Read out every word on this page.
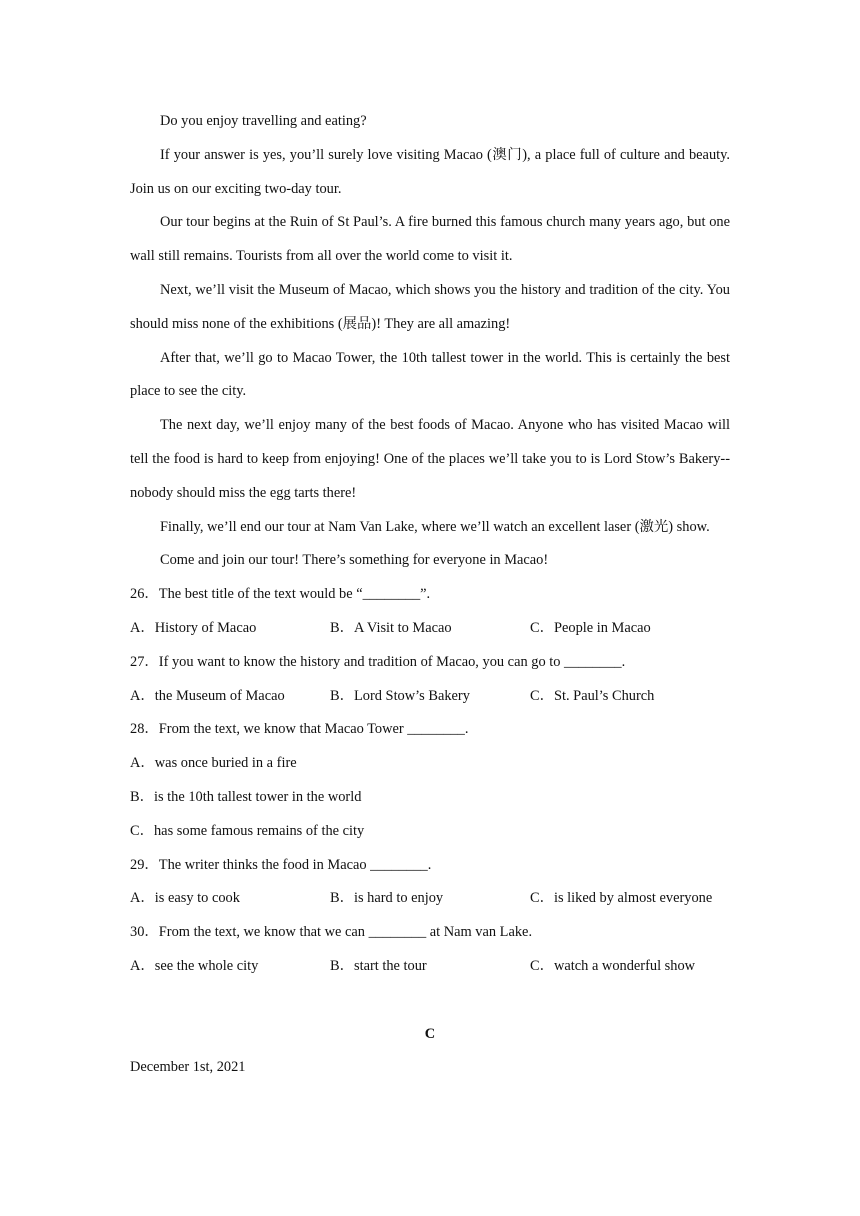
Do you enjoy travelling and eating?

If your answer is yes, you’ll surely love visiting Macao (澳门), a place full of culture and beauty. Join us on our exciting two-day tour.

Our tour begins at the Ruin of St Paul’s. A fire burned this famous church many years ago, but one wall still remains. Tourists from all over the world come to visit it.

Next, we’ll visit the Museum of Macao, which shows you the history and tradition of the city. You should miss none of the exhibitions (展品)! They are all amazing!

After that, we’ll go to Macao Tower, the 10th tallest tower in the world. This is certainly the best place to see the city.

The next day, we’ll enjoy many of the best foods of Macao. Anyone who has visited Macao will tell the food is hard to keep from enjoying! One of the places we’ll take you to is Lord Stow’s Bakery--nobody should miss the egg tarts there!

Finally, we’ll end our tour at Nam Van Lake, where we’ll watch an excellent laser (激光) show.

Come and join our tour! There’s something for everyone in Macao!

26．The best title of the text would be “________”.

A．History of Macao	B．A Visit to Macao	C．People in Macao

27．If you want to know the history and tradition of Macao, you can go to ________.

A．the Museum of Macao	B．Lord Stow’s Bakery	C．St. Paul’s Church

28．From the text, we know that Macao Tower ________.

A．was once buried in a fire

B．is the 10th tallest tower in the world

C．has some famous remains of the city

29．The writer thinks the food in Macao ________.

A．is easy to cook	B．is hard to enjoy	C．is liked by almost everyone

30．From the text, we know that we can ________ at Nam van Lake.

A．see the whole city	B．start the tour	C．watch a wonderful show

C

December 1st, 2021
